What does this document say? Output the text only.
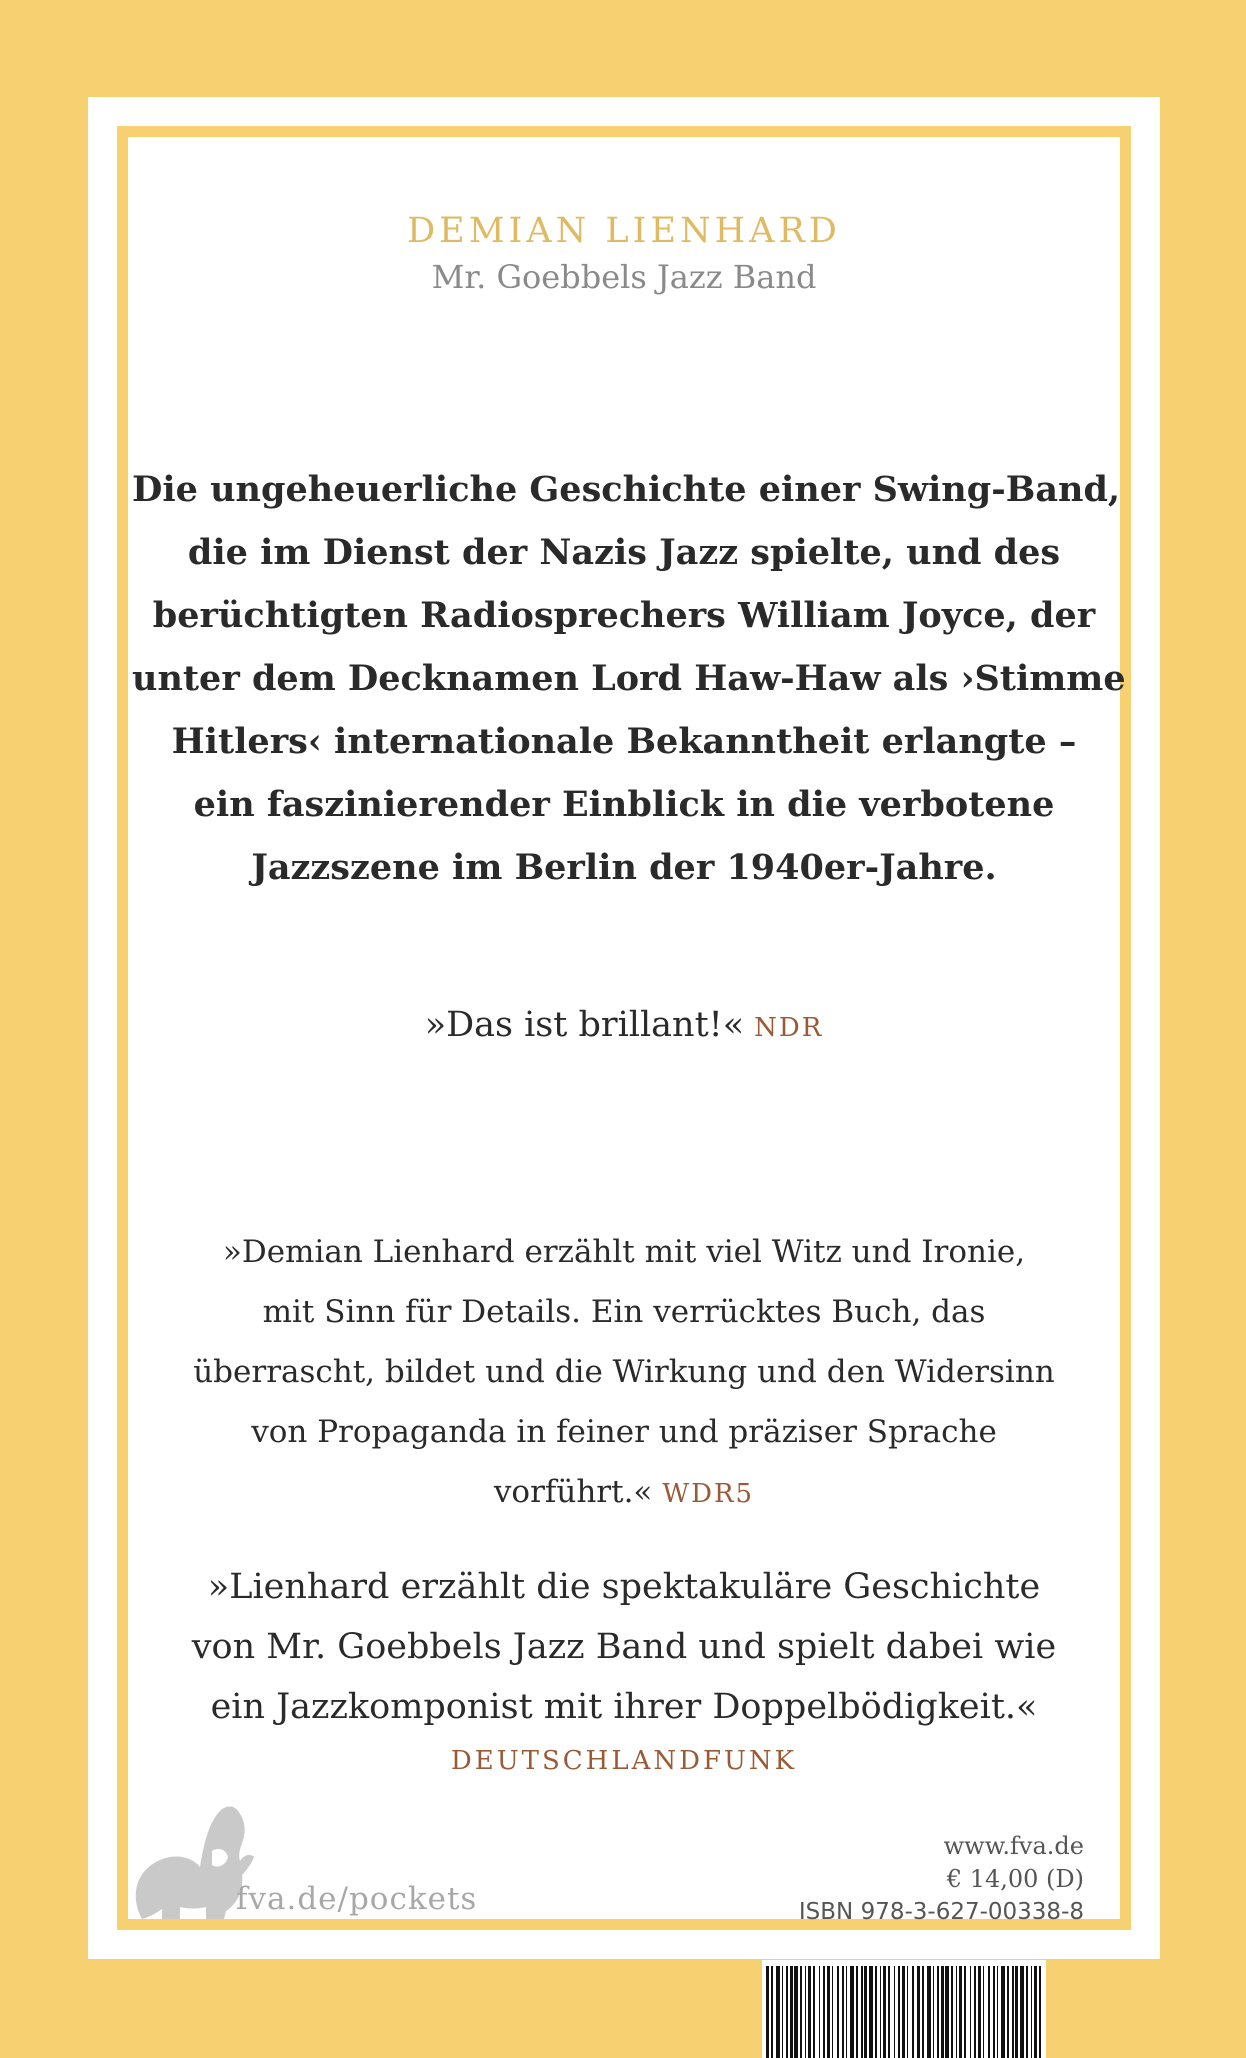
DEMIAN LIENHARD
Mr. Goebbels Jazz Band
Die ungeheuerliche Geschichte einer Swing-Band,
die im Dienst der Nazis Jazz spielte, und des
berüchtigten Radiosprechers William Joyce, der
unter dem Decknamen Lord Haw-Haw als ›Stimme
Hitlers‹ internationale Bekanntheit erlangte –
ein faszinierender Einblick in die verbotene
Jazzszene im Berlin der 1940er-Jahre.
»Das ist brillant!« NDR
»Demian Lienhard erzählt mit viel Witz und Ironie,
mit Sinn für Details. Ein verrücktes Buch, das
überrascht, bildet und die Wirkung und den Widersinn
von Propaganda in feiner und präziser Sprache
vorführt.« WDR5
»Lienhard erzählt die spektakuläre Geschichte
von Mr. Goebbels Jazz Band und spielt dabei wie
ein Jazzkomponist mit ihrer Doppelbödigkeit.«
DEUTSCHLANDFUNK
fva.de/pockets
www.fva.de
€ 14,00 (D)
ISBN 978-3-627-00338-8
